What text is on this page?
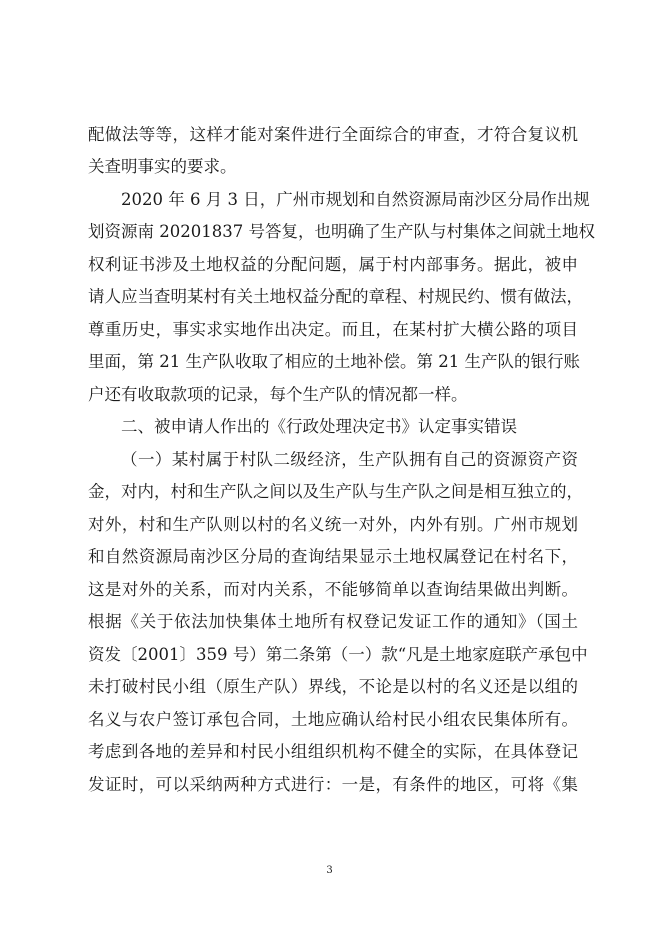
配做法等等，这样才能对案件进行全面综合的审查，才符合复议机
关查明事实的要求。
2020 年 6 月 3 日，广州市规划和自然资源局南沙区分局作出规
划资源南 20201837 号答复，也明确了生产队与村集体之间就土地权
权利证书涉及土地权益的分配问题，属于村内部事务。据此，被申
请人应当查明某村有关土地权益分配的章程、村规民约、惯有做法，
尊重历史，事实求实地作出决定。而且，在某村扩大横公路的项目
里面，第 21 生产队收取了相应的土地补偿。第 21 生产队的银行账
户还有收取款项的记录，每个生产队的情况都一样。
二、被申请人作出的《行政处理决定书》认定事实错误
（一）某村属于村队二级经济，生产队拥有自己的资源资产资
金，对内，村和生产队之间以及生产队与生产队之间是相互独立的，
对外，村和生产队则以村的名义统一对外，内外有别。广州市规划
和自然资源局南沙区分局的查询结果显示土地权属登记在村名下，
这是对外的关系，而对内关系，不能够简单以查询结果做出判断。
根据《关于依法加快集体土地所有权登记发证工作的通知》（国土
资发〔2001〕359 号）第二条第（一）款“凡是土地家庭联产承包中
未打破村民小组（原生产队）界线，不论是以村的名义还是以组的
名义与农户签订承包合同，土地应确认给村民小组农民集体所有。
考虑到各地的差异和村民小组组织机构不健全的实际，在具体登记
发证时，可以采纳两种方式进行：一是，有条件的地区，可将《集
3
